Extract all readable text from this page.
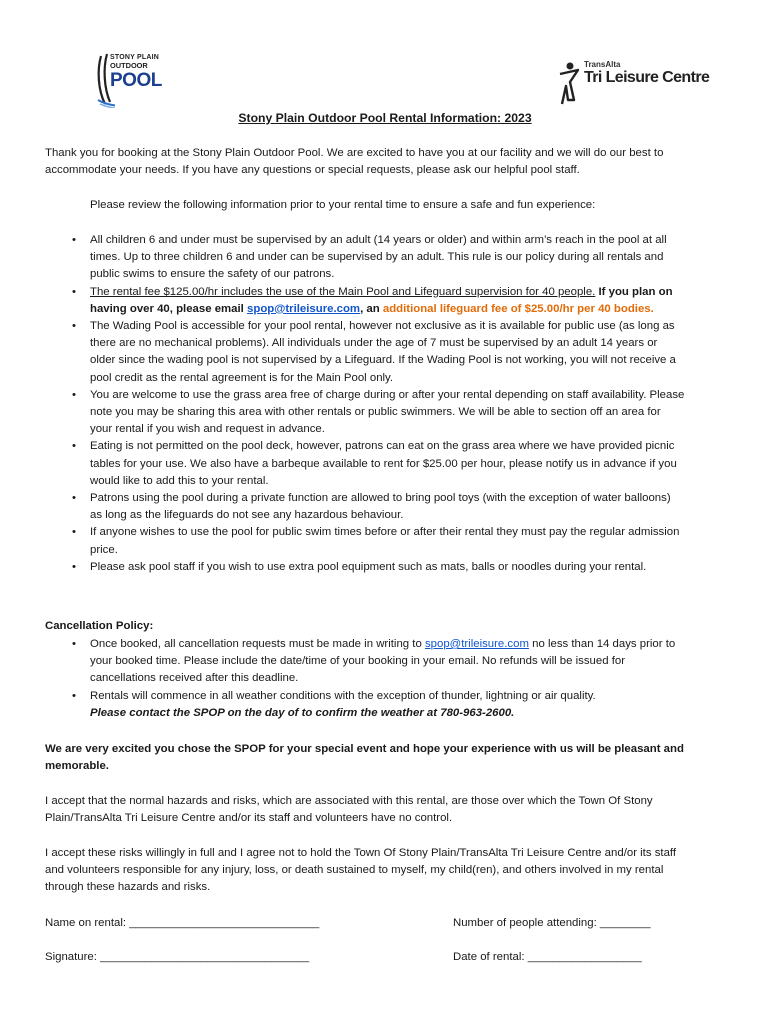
STONY PLAIN
OUTDOOR
POOL
TransAlta
Tri Leisure Centre
Stony Plain Outdoor Pool Rental Information: 2023

Thank you for booking at the Stony Plain Outdoor Pool. We are excited to have you at our facility and we will do our best to accommodate your needs. If you have any questions or special requests, please ask our helpful pool staff.

Please review the following information prior to your rental time to ensure a safe and fun experience:
• All children 6 and under must be supervised by an adult (14 years or older) and within arm’s reach in the pool at all times. Up to three children 6 and under can be supervised by an adult. This rule is our policy during all rentals and public swims to ensure the safety of our patrons.
• The rental fee $125.00/hr includes the use of the Main Pool and Lifeguard supervision for 40 people. If you plan on having over 40, please email spop@trileisure.com, an additional lifeguard fee of $25.00/hr per 40 bodies.
• The Wading Pool is accessible for your pool rental, however not exclusive as it is available for public use (as long as there are no mechanical problems). All individuals under the age of 7 must be supervised by an adult 14 years or older since the wading pool is not supervised by a Lifeguard. If the Wading Pool is not working, you will not receive a pool credit as the rental agreement is for the Main Pool only.
• You are welcome to use the grass area free of charge during or after your rental depending on staff availability. Please note you may be sharing this area with other rentals or public swimmers. We will be able to section off an area for your rental if you wish and request in advance.
• Eating is not permitted on the pool deck, however, patrons can eat on the grass area where we have provided picnic tables for your use. We also have a barbeque available to rent for $25.00 per hour, please notify us in advance if you would like to add this to your rental.
• Patrons using the pool during a private function are allowed to bring pool toys (with the exception of water balloons) as long as the lifeguards do not see any hazardous behaviour.
• If anyone wishes to use the pool for public swim times before or after their rental they must pay the regular admission price.
• Please ask pool staff if you wish to use extra pool equipment such as mats, balls or noodles during your rental.
Cancellation Policy:
• Once booked, all cancellation requests must be made in writing to spop@trileisure.com no less than 14 days prior to your booked time. Please include the date/time of your booking in your email. No refunds will be issued for cancellations received after this deadline.
• Rentals will commence in all weather conditions with the exception of thunder, lightning or air quality.
Please contact the SPOP on the day of to confirm the weather at 780-963-2600.
We are very excited you chose the SPOP for your special event and hope your experience with us will be pleasant and memorable.
I accept that the normal hazards and risks, which are associated with this rental, are those over which the Town Of Stony Plain/TransAlta Tri Leisure Centre and/or its staff and volunteers have no control.
I accept these risks willingly in full and I agree not to hold the Town Of Stony Plain/TransAlta Tri Leisure Centre and/or its staff and volunteers responsible for any injury, loss, or death sustained to myself, my child(ren), and others involved in my rental through these hazards and risks.
Name on rental: ______________________________	Number of people attending: ________
Signature: _________________________________	Date of rental: __________________
